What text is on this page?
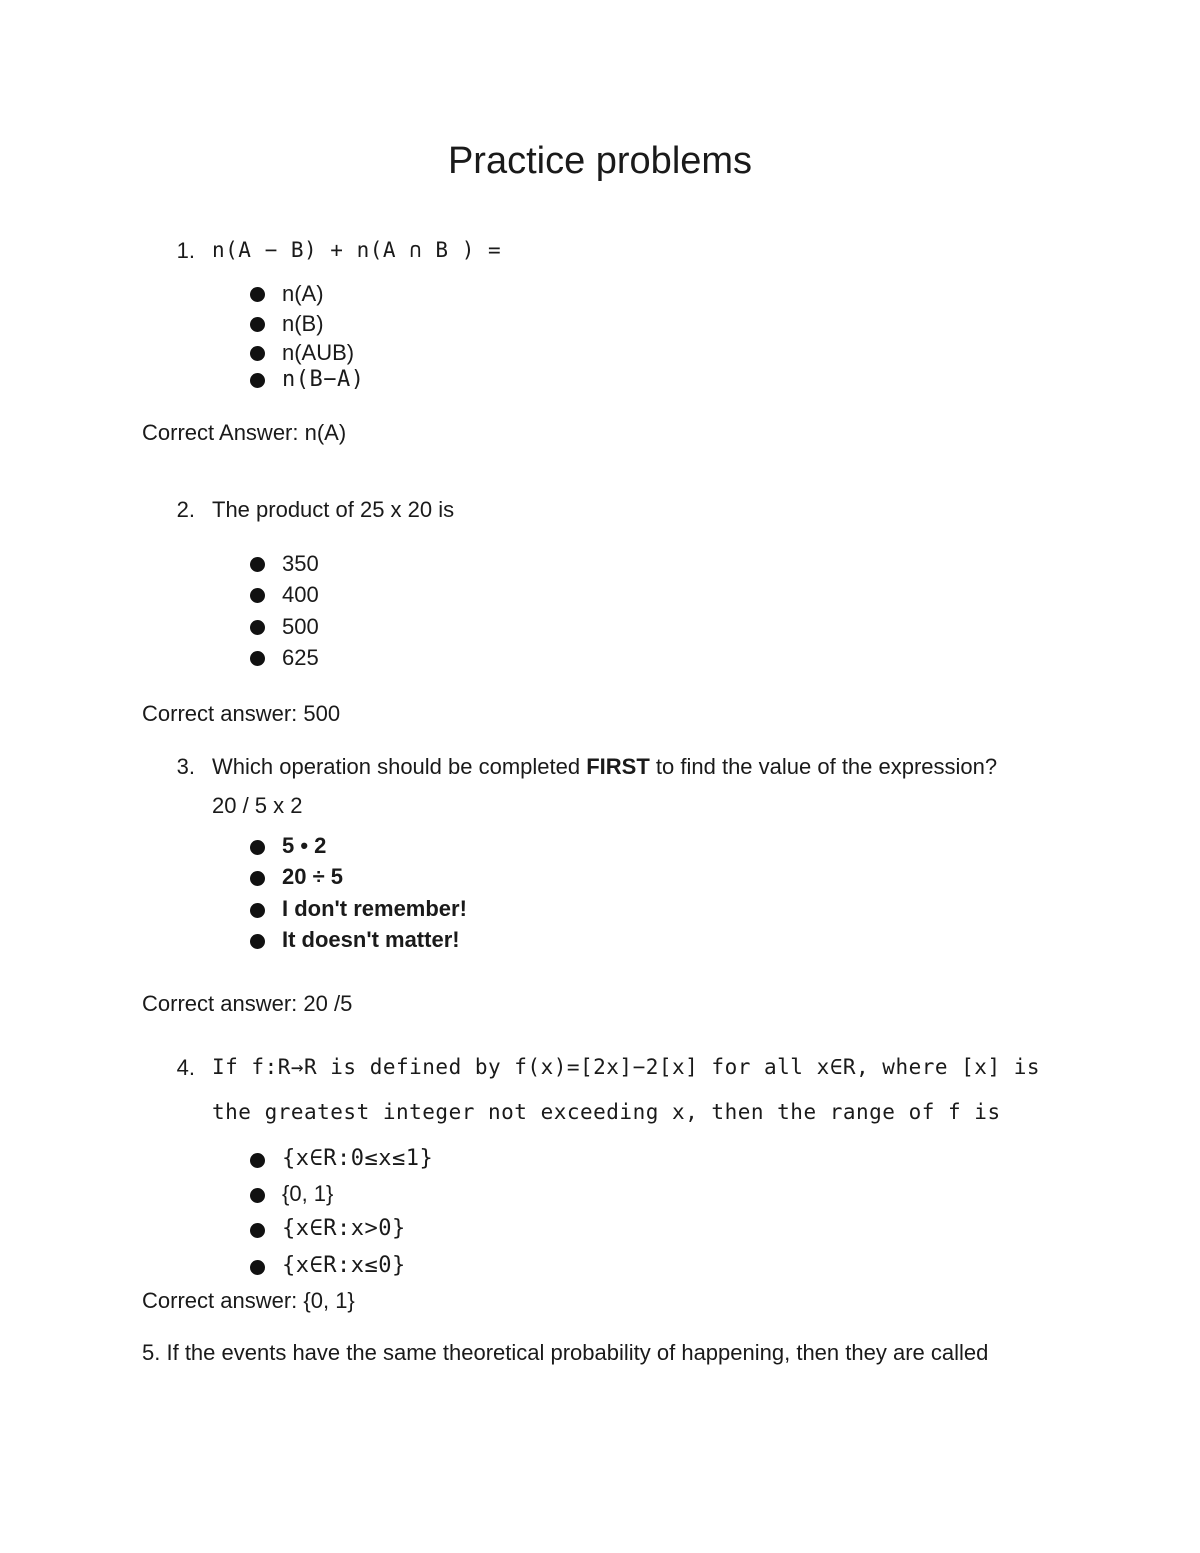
Practice problems
1. n(A − B) + n(A ∩ B ) =
n(A)
n(B)
n(AUB)
n(B−A)
Correct Answer: n(A)
2. The product of 25 x 20 is
350
400
500
625
Correct answer: 500
3. Which operation should be completed FIRST to find the value of the expression?
20 / 5 x 2
5 • 2
20 ÷ 5
I don't remember!
It doesn't matter!
Correct answer: 20 /5
4. If f:R→R is defined by f(x)=[2x]−2[x] for all x∈R, where [x] is
the greatest integer not exceeding x, then the range of f is
{x∈R:0≤x≤1}
{0, 1}
{x∈R:x>0}
{x∈R:x≤0}
Correct answer: {0, 1}
5. If the events have the same theoretical probability of happening, then they are called
